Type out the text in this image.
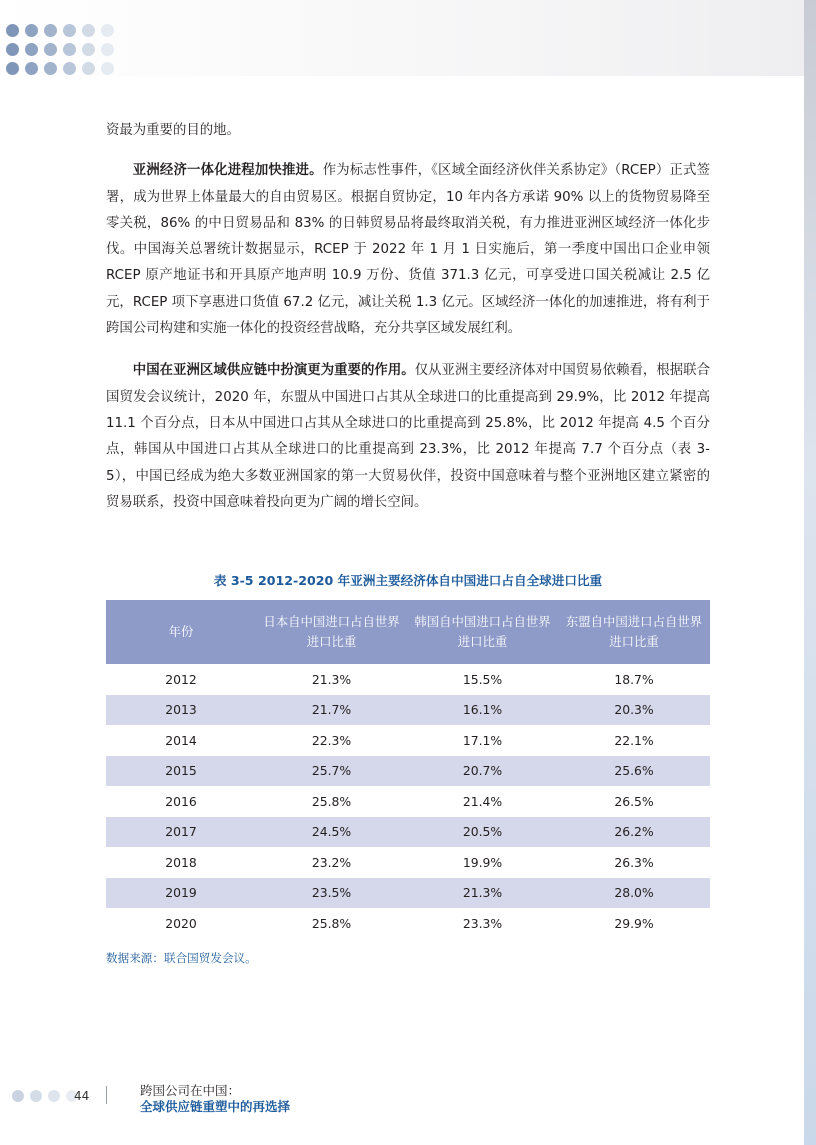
资最为重要的目的地。

亚洲经济一体化进程加快推进。作为标志性事件，《区域全面经济伙伴关系协定》（RCEP）正式签署，成为世界上体量最大的自由贸易区。根据自贸协定，10 年内各方承诺 90% 以上的货物贸易降至零关税，86% 的中日贸易品和 83% 的日韩贸易品将最终取消关税，有力推进亚洲区域经济一体化步伐。中国海关总署统计数据显示，RCEP 于 2022 年 1 月 1 日实施后，第一季度中国出口企业申领 RCEP 原产地证书和开具原产地声明 10.9 万份、货值 371.3 亿元，可享受进口国关税减让 2.5 亿元，RCEP 项下享惠进口货值 67.2 亿元，减让关税 1.3 亿元。区域经济一体化的加速推进，将有利于跨国公司构建和实施一体化的投资经营战略，充分共享区域发展红利。

中国在亚洲区域供应链中扮演更为重要的作用。仅从亚洲主要经济体对中国贸易依赖看，根据联合国贸发会议统计，2020 年，东盟从中国进口占其从全球进口的比重提高到 29.9%，比 2012 年提高 11.1 个百分点，日本从中国进口占其从全球进口的比重提高到 25.8%，比 2012 年提高 4.5 个百分点，韩国从中国进口占其从全球进口的比重提高到 23.3%，比 2012 年提高 7.7 个百分点（表 3-5），中国已经成为绝大多数亚洲国家的第一大贸易伙伴，投资中国意味着与整个亚洲地区建立紧密的贸易联系，投资中国意味着投向更为广阔的增长空间。

表 3-5 2012-2020 年亚洲主要经济体自中国进口占自全球进口比重
年份	日本自中国进口占自世界进口比重	韩国自中国进口占自世界进口比重	东盟自中国进口占自世界进口比重
2012	21.3%	15.5%	18.7%
2013	21.7%	16.1%	20.3%
2014	22.3%	17.1%	22.1%
2015	25.7%	20.7%	25.6%
2016	25.8%	21.4%	26.5%
2017	24.5%	20.5%	26.2%
2018	23.2%	19.9%	26.3%
2019	23.5%	21.3%	28.0%
2020	25.8%	23.3%	29.9%
数据来源：联合国贸发会议。
44	跨国公司在中国：
全球供应链重塑中的再选择
